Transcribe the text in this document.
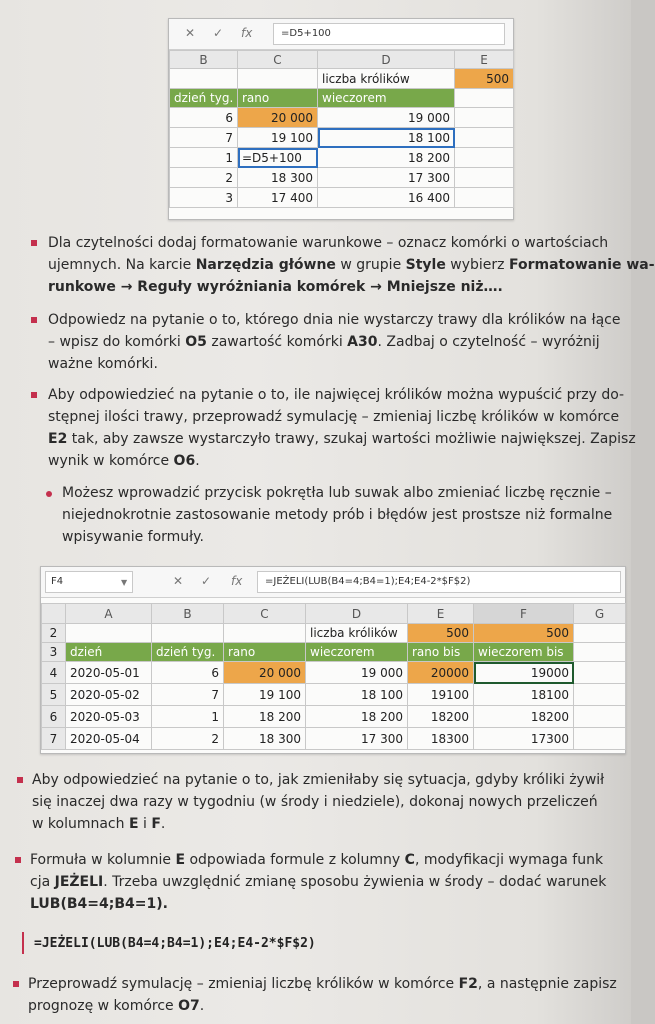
✕ ✓ fx	=D5+100
B	C	D	E
		liczba królików	500
dzień tyg.	rano	wieczorem	
6	20 000	19 000	
7	19 100	18 100	
1	=D5+100	18 200	
2	18 300	17 300	
3	17 400	16 400	
Dla czytelności dodaj formatowanie warunkowe – oznacz komórki o wartościach
ujemnych. Na karcie Narzędzia główne w grupie Style wybierz Formatowanie wa-
runkowe → Reguły wyróżniania komórek → Mniejsze niż….
Odpowiedz na pytanie o to, którego dnia nie wystarczy trawy dla królików na łące
– wpisz do komórki O5 zawartość komórki A30. Zadbaj o czytelność – wyróżnij
ważne komórki.
Aby odpowiedzieć na pytanie o to, ile najwięcej królików można wypuścić przy do-
stępnej ilości trawy, przeprowadź symulację – zmieniaj liczbę królików w komórce
E2 tak, aby zawsze wystarczyło trawy, szukaj wartości możliwie największej. Zapisz
wynik w komórce O6.
Możesz wprowadzić przycisk pokrętła lub suwak albo zmieniać liczbę ręcznie –
niejednokrotnie zastosowanie metody prób i błędów jest prostsze niż formalne
wpisywanie formuły.
F4	▼	✕ ✓ fx =JEŻELI(LUB(B4=4;B4=1);E4;E4-2*$F$2)
	A	B	C	D	E	F	G
2				liczba królików	500	500	
3	dzień	dzień tyg.	rano	wieczorem	rano bis	wieczorem bis	
4	2020-05-01	6	20 000	19 000	20000	19000	
5	2020-05-02	7	19 100	18 100	19100	18100	
6	2020-05-03	1	18 200	18 200	18200	18200	
7	2020-05-04	2	18 300	17 300	18300	17300	
Aby odpowiedzieć na pytanie o to, jak zmieniłaby się sytuacja, gdyby króliki żywił
się inaczej dwa razy w tygodniu (w środy i niedziele), dokonaj nowych przeliczeń
w kolumnach E i F.
Formuła w kolumnie E odpowiada formule z kolumny C, modyfikacji wymaga funk
cja JEŻELI. Trzeba uwzględnić zmianę sposobu żywienia w środy – dodać warunek
LUB(B4=4;B4=1).
=JEŻELI(LUB(B4=4;B4=1);E4;E4-2*$F$2)
Przeprowadź symulację – zmieniaj liczbę królików w komórce F2, a następnie zapisz
prognozę w komórce O7.
